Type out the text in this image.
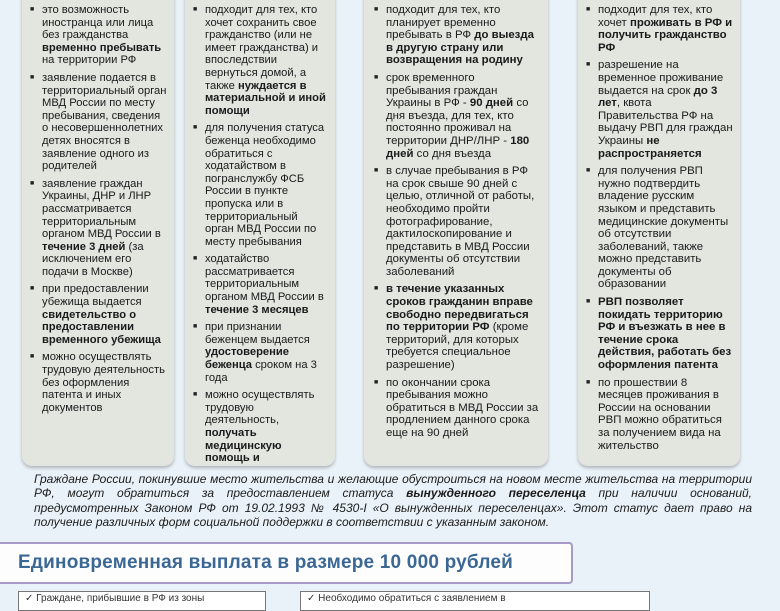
■ это возможность иностранца или лица без гражданства временно пребывать на территории РФ
■ заявление подается в территориальный орган МВД России по месту пребывания, сведения о несовершеннолетних детях вносятся в заявление одного из родителей
■ заявление граждан Украины, ДНР и ЛНР рассматривается территориальным органом МВД России в течение 3 дней (за исключением его подачи в Москве)
■ при предоставлении убежища выдается свидетельство о предоставлении временного убежища
■ можно осуществлять трудовую деятельность без оформления патента и иных документов
■ подходит для тех, кто хочет сохранить свое гражданство (или не имеет гражданства) и впоследствии вернуться домой, а также нуждается в материальной и иной помощи
■ для получения статуса беженца необходимо обратиться с ходатайством в погранслужбу ФСБ России в пункте пропуска или в территориальный орган МВД России по месту пребывания
■ ходатайство рассматривается территориальным органом МВД России в течение 3 месяцев
■ при признании беженцем выдается удостоверение беженца сроком на 3 года
■ можно осуществлять трудовую деятельность, получать медицинскую помощь и
■ подходит для тех, кто планирует временно пребывать в РФ до выезда в другую страну или возвращения на родину
■ срок временного пребывания граждан Украины в РФ - 90 дней со дня въезда, для тех, кто постоянно проживал на территории ДНР/ЛНР - 180 дней со дня въезда
■ в случае пребывания в РФ на срок свыше 90 дней с целью, отличной от работы, необходимо пройти фотографирование, дактилоскопирование и представить в МВД России документы об отсутствии заболеваний
■ в течение указанных сроков гражданин вправе свободно передвигаться по территории РФ (кроме территорий, для которых требуется специальное разрешение)
■ по окончании срока пребывания можно обратиться в МВД России за продлением данного срока еще на 90 дней
■ подходит для тех, кто хочет проживать в РФ и получить гражданство РФ
■ разрешение на временное проживание выдается на срок до 3 лет, квота Правительства РФ на выдачу РВП для граждан Украины не распространяется
■ для получения РВП нужно подтвердить владение русским языком и представить медицинские документы об отсутствии заболеваний, также можно представить документы об образовании
■ РВП позволяет покидать территорию РФ и въезжать в нее в течение срока действия, работать без оформления патента
■ по прошествии 8 месяцев проживания в России на основании РВП можно обратиться за получением вида на жительство
Граждане России, покинувшие место жительства и желающие обустроиться на новом месте жительства на территории РФ, могут обратиться за предоставлением статуса вынужденного переселенца при наличии оснований, предусмотренных Законом РФ от 19.02.1993 № 4530-I «О вынужденных переселенцах». Этот статус дает право на получение различных форм социальной поддержки в соответствии с указанным законом.
Единовременная выплата в размере 10 000 рублей
✓ Граждане, прибывшие в РФ из зоны	✓ Необходимо обратиться с заявлением в
